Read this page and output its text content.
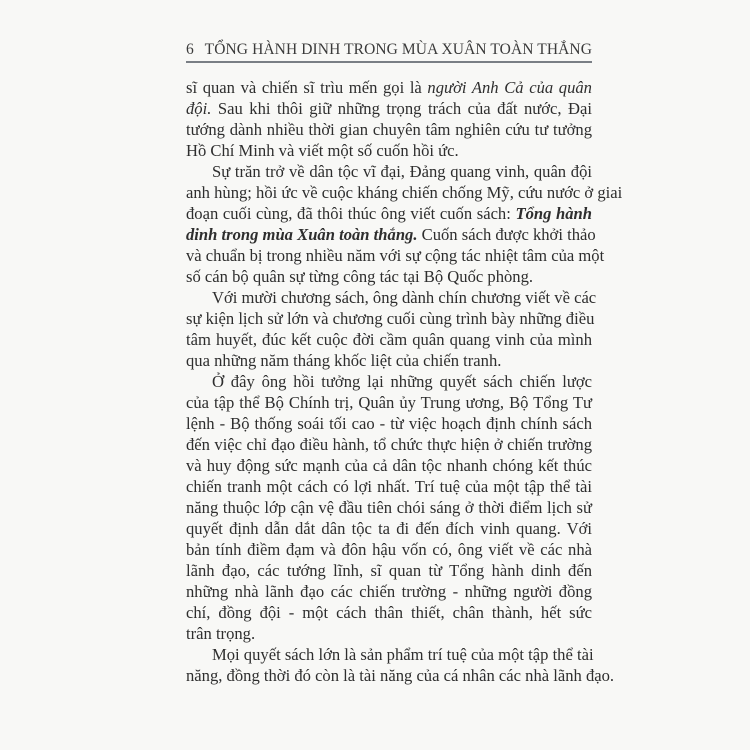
6 TỔNG HÀNH DINH TRONG MÙA XUÂN TOÀN THẮNG
sĩ quan và chiến sĩ trìu mến gọi là người Anh Cả của quân
đội. Sau khi thôi giữ những trọng trách của đất nước, Đại
tướng dành nhiều thời gian chuyên tâm nghiên cứu tư tưởng
Hồ Chí Minh và viết một số cuốn hồi ức.
Sự trăn trở về dân tộc vĩ đại, Đảng quang vinh, quân đội
anh hùng; hồi ức về cuộc kháng chiến chống Mỹ, cứu nước ở giai
đoạn cuối cùng, đã thôi thúc ông viết cuốn sách: Tổng hành
dinh trong mùa Xuân toàn thắng. Cuốn sách được khởi thảo
và chuẩn bị trong nhiều năm với sự cộng tác nhiệt tâm của một
số cán bộ quân sự từng công tác tại Bộ Quốc phòng.
Với mười chương sách, ông dành chín chương viết về các
sự kiện lịch sử lớn và chương cuối cùng trình bày những điều
tâm huyết, đúc kết cuộc đời cầm quân quang vinh của mình
qua những năm tháng khốc liệt của chiến tranh.
Ở đây ông hồi tưởng lại những quyết sách chiến lược
của tập thể Bộ Chính trị, Quân ủy Trung ương, Bộ Tổng Tư
lệnh - Bộ thống soái tối cao - từ việc hoạch định chính sách
đến việc chỉ đạo điều hành, tổ chức thực hiện ở chiến trường
và huy động sức mạnh của cả dân tộc nhanh chóng kết thúc
chiến tranh một cách có lợi nhất. Trí tuệ của một tập thể tài
năng thuộc lớp cận vệ đầu tiên chói sáng ở thời điểm lịch sử
quyết định dẫn dắt dân tộc ta đi đến đích vinh quang. Với
bản tính điềm đạm và đôn hậu vốn có, ông viết về các nhà
lãnh đạo, các tướng lĩnh, sĩ quan từ Tổng hành dinh đến
những nhà lãnh đạo các chiến trường - những người đồng
chí, đồng đội - một cách thân thiết, chân thành, hết sức
trân trọng.
Mọi quyết sách lớn là sản phẩm trí tuệ của một tập thể tài
năng, đồng thời đó còn là tài năng của cá nhân các nhà lãnh đạo.
